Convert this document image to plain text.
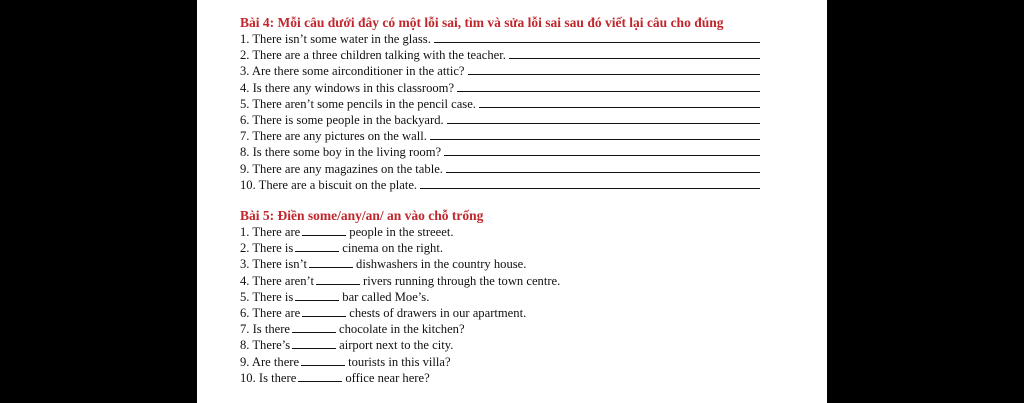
Bài 4: Mỗi câu dưới đây có một lỗi sai, tìm và sửa lỗi sai sau đó viết lại câu cho đúng
1. There isn’t some water in the glass.
2. There are a three children talking with the teacher.
3. Are there some airconditioner in the attic?
4. Is there any windows in this classroom?
5. There aren’t some pencils in the pencil case.
6. There is some people in the backyard.
7. There are any pictures on the wall.
8. Is there some boy in the living room?
9. There are any magazines on the table.
10. There are a biscuit on the plate.
Bài 5: Điền some/any/an/ an vào chỗ trống
1. There are	people in the streeet.
2. There is	cinema on the right.
3. There isn’t	dishwashers in the country house.
4. There aren’t	rivers running through the town centre.
5. There is	bar called Moe’s.
6. There are	chests of drawers in our apartment.
7. Is there	chocolate in the kitchen?
8. There’s	airport next to the city.
9. Are there	tourists in this villa?
10. Is there	office near here?
